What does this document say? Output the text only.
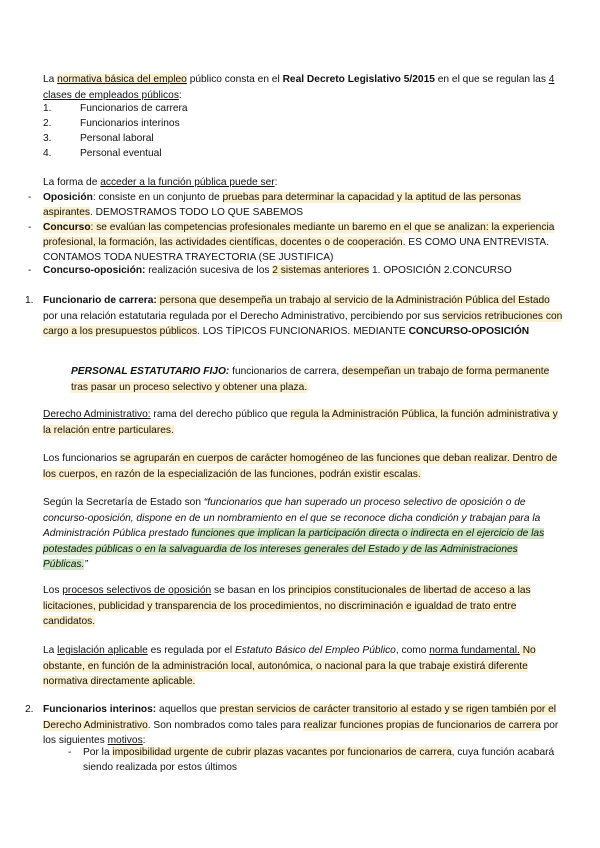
La normativa básica del empleo público consta en el Real Decreto Legislativo 5/2015 en el que se regulan las 4 clases de empleados públicos:
1.	Funcionarios de carrera
2.	Funcionarios interinos
3.	Personal laboral
4.	Personal eventual
La forma de acceder a la función pública puede ser:
- Oposición: consiste en un conjunto de pruebas para determinar la capacidad y la aptitud de las personas aspirantes. DEMOSTRAMOS TODO LO QUE SABEMOS
- Concurso: se evalúan las competencias profesionales mediante un baremo en el que se analizan: la experiencia profesional, la formación, las actividades científicas, docentes o de cooperación. ES COMO UNA ENTREVISTA. CONTAMOS TODA NUESTRA TRAYECTORIA (SE JUSTIFICA)
- Concurso-oposición: realización sucesiva de los 2 sistemas anteriores 1. OPOSICIÓN 2.CONCURSO
1. Funcionario de carrera: persona que desempeña un trabajo al servicio de la Administración Pública del Estado por una relación estatutaria regulada por el Derecho Administrativo, percibiendo por sus servicios retribuciones con cargo a los presupuestos públicos. LOS TÍPICOS FUNCIONARIOS. MEDIANTE CONCURSO-OPOSICIÓN
PERSONAL ESTATUTARIO FIJO: funcionarios de carrera, desempeñan un trabajo de forma permanente tras pasar un proceso selectivo y obtener una plaza.
Derecho Administrativo: rama del derecho público que regula la Administración Pública, la función administrativa y la relación entre particulares.
Los funcionarios se agruparán en cuerpos de carácter homogéneo de las funciones que deban realizar. Dentro de los cuerpos, en razón de la especialización de las funciones, podrán existir escalas.
Según la Secretaría de Estado son “funcionarios que han superado un proceso selectivo de oposición o de concurso-oposición, dispone en de un nombramiento en el que se reconoce dicha condición y trabajan para la Administración Pública prestado funciones que implican la participación directa o indirecta en el ejercicio de las potestades públicas o en la salvaguardia de los intereses generales del Estado y de las Administraciones Públicas.”
Los procesos selectivos de oposición se basan en los principios constitucionales de libertad de acceso a las licitaciones, publicidad y transparencia de los procedimientos, no discriminación e igualdad de trato entre candidatos.
La legislación aplicable es regulada por el Estatuto Básico del Empleo Público, como norma fundamental. No obstante, en función de la administración local, autonómica, o nacional para la que trabaje existirá diferente normativa directamente aplicable.
2. Funcionarios interinos: aquellos que prestan servicios de carácter transitorio al estado y se rigen también por el Derecho Administrativo. Son nombrados como tales para realizar funciones propias de funcionarios de carrera por los siguientes motivos:
- Por la imposibilidad urgente de cubrir plazas vacantes por funcionarios de carrera, cuya función acabará siendo realizada por estos últimos
